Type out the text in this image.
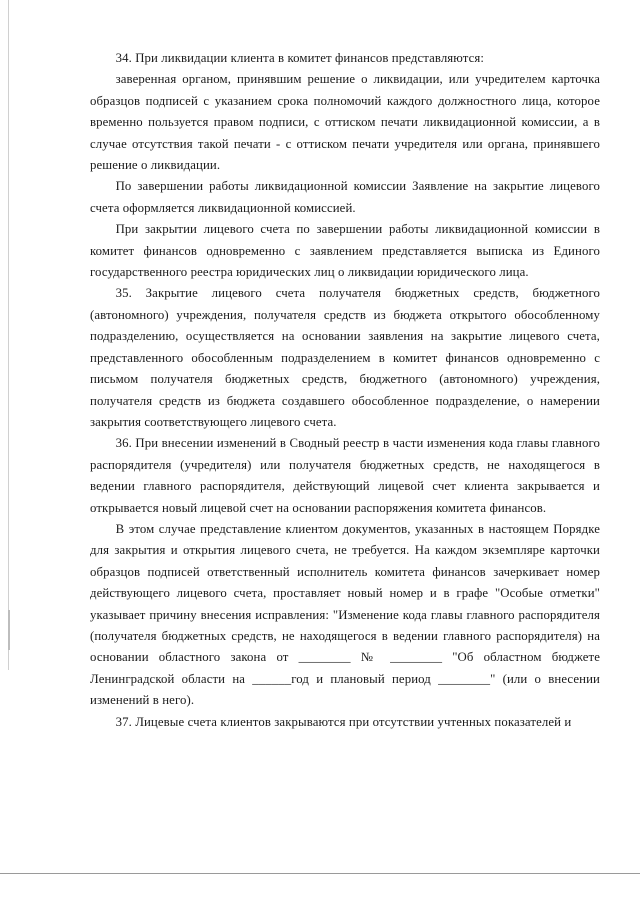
34. При ликвидации клиента в комитет финансов представляются:

заверенная органом, принявшим решение о ликвидации, или учредителем карточка образцов подписей с указанием срока полномочий каждого должностного лица, которое временно пользуется правом подписи, с оттиском печати ликвидационной комиссии, а в случае отсутствия такой печати - с оттиском печати учредителя или органа, принявшего решение о ликвидации.

По завершении работы ликвидационной комиссии Заявление на закрытие лицевого счета оформляется ликвидационной комиссией.

При закрытии лицевого счета по завершении работы ликвидационной комиссии в комитет финансов одновременно с заявлением представляется выписка из Единого государственного реестра юридических лиц о ликвидации юридического лица.

35. Закрытие лицевого счета получателя бюджетных средств, бюджетного (автономного) учреждения, получателя средств из бюджета открытого обособленному подразделению, осуществляется на основании заявления на закрытие лицевого счета, представленного обособленным подразделением в комитет финансов одновременно с письмом получателя бюджетных средств, бюджетного (автономного) учреждения, получателя средств из бюджета создавшего обособленное подразделение, о намерении закрытия соответствующего лицевого счета.

36. При внесении изменений в Сводный реестр в части изменения кода главы главного распорядителя (учредителя) или получателя бюджетных средств, не находящегося в ведении главного распорядителя, действующий лицевой счет клиента закрывается и открывается новый лицевой счет на основании распоряжения комитета финансов.

В этом случае представление клиентом документов, указанных в настоящем Порядке для закрытия и открытия лицевого счета, не требуется. На каждом экземпляре карточки образцов подписей ответственный исполнитель комитета финансов зачеркивает номер действующего лицевого счета, проставляет новый номер и в графе "Особые отметки" указывает причину внесения исправления: "Изменение кода главы главного распорядителя (получателя бюджетных средств, не находящегося в ведении главного распорядителя) на основании областного закона от ________ № ________ "Об областном бюджете Ленинградской области на ______год и плановый период ________" (или о внесении изменений в него).

37. Лицевые счета клиентов закрываются при отсутствии учтенных показателей и
